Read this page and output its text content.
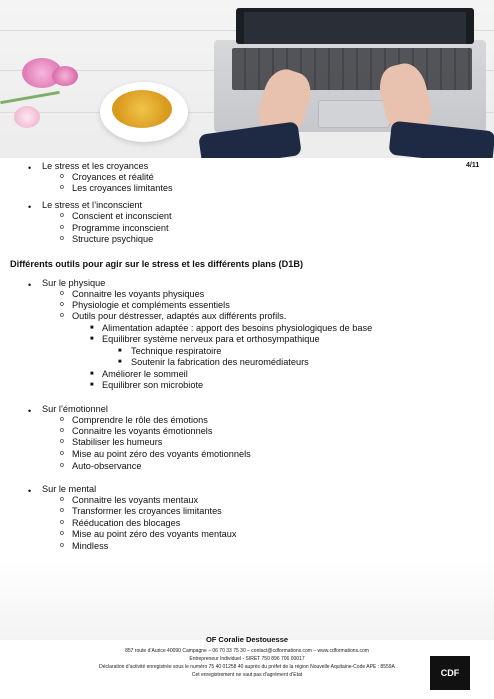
4/11
• Le stress et les croyances
o Croyances et réalité
o Les croyances limitantes
• Le stress et l’inconscient
o Conscient et inconscient
o Programme inconscient
o Structure psychique
Différents outils pour agir sur le stress et les différents plans (D1B)
• Sur le physique
o Connaitre les voyants physiques
o Physiologie et compléments essentiels
o Outils pour déstresser, adaptés aux différents profils.
■ Alimentation adaptée : apport des besoins physiologiques de base
■ Equilibrer système nerveux para et orthosympathique
■ Technique respiratoire
■ Soutenir la fabrication des neuromédiateurs
■ Améliorer le sommeil
■ Equilibrer son microbiote
• Sur l’émotionnel
o Comprendre le rôle des émotions
o Connaitre les voyants émotionnels
o Stabiliser les humeurs
o Mise au point zéro des voyants émotionnels
o Auto-observance
• Sur le mental
o Connaitre les voyants mentaux
o Transformer les croyances limitantes
o Rééducation des blocages
o Mise au point zéro des voyants mentaux
o Mindless
OF Coralie Destouesse
857 route d’Aurice 40090 Campagne – 06 70 33 75 30 – contact@cdformations.com – www.cdformations.com
Entrepreneur Individuel - SIRET 750 896 706 00017
Déclaration d’activité enregistrée sous le numéro 75 40 01258 40 auprès du préfet de la région Nouvelle Aquitaine-Code APE : 8559A
Cet enregistrement ne vaut pas d’agrément d’Etat	CDF
